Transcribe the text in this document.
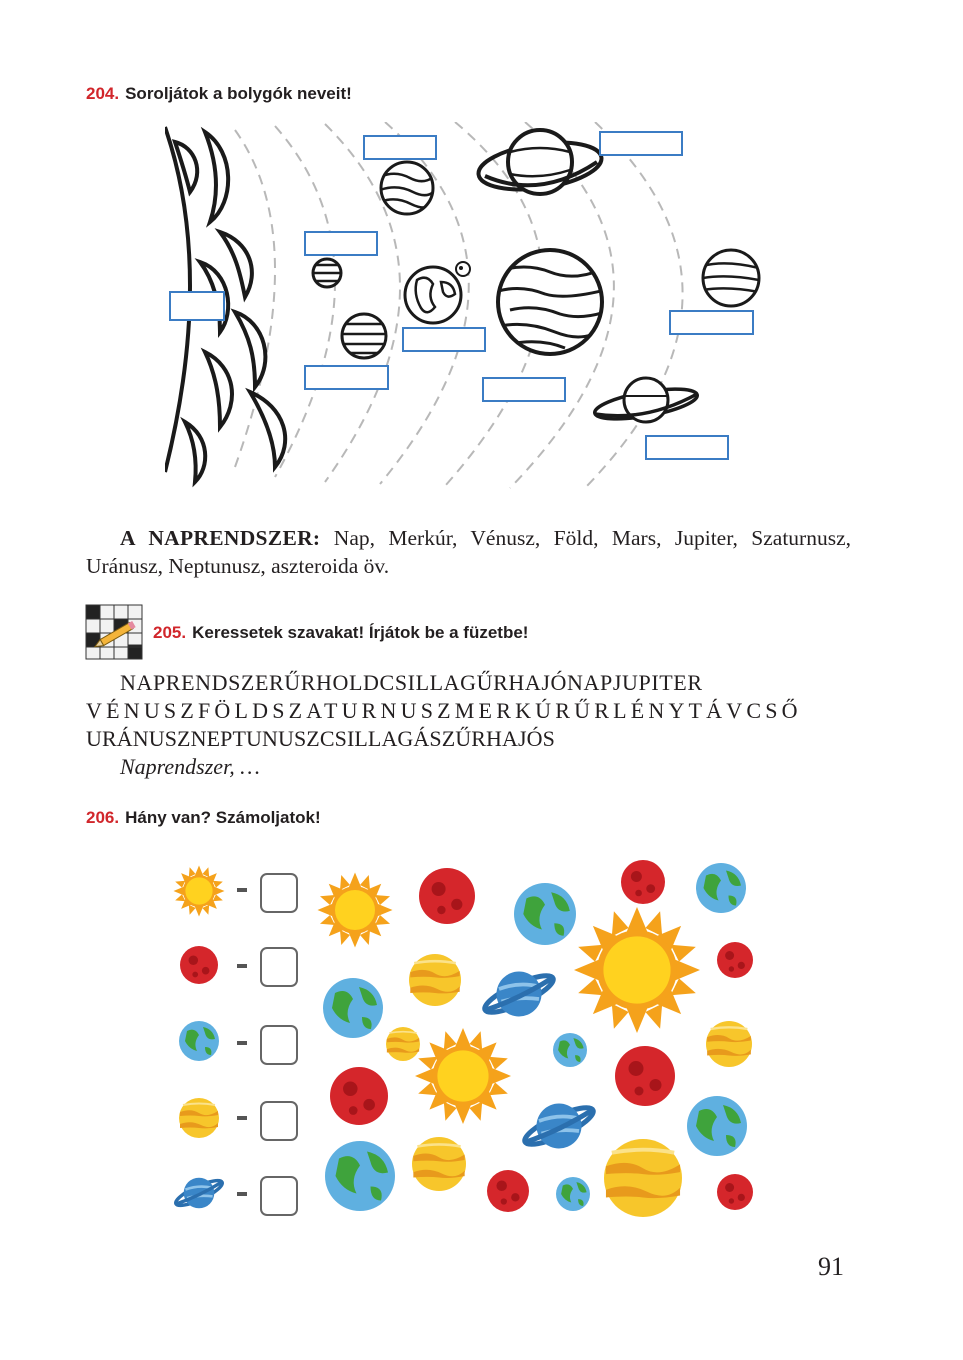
204. Soroljátok a bolygók neveit!

A NAPRENDSZER: Nap, Merkúr, Vénusz, Föld, Mars, Jupiter, Szaturnusz, Uránusz, Neptunusz, aszteroida öv.

205. Keressetek szavakat! Írjátok be a füzetbe!
NAPRENDSZERŰRHOLDCSILLAGŰRHAJÓNAPJUPITER
VÉNUSZFÖLDSZATURNUSZMERKÚRŰRLÉNYTÁVCSŐ
URÁNUSZNEPTUNUSZCSILLAGÁSZŰRHAJÓS
Naprendszer, …
206. Hány van? Számoljatok!
91
